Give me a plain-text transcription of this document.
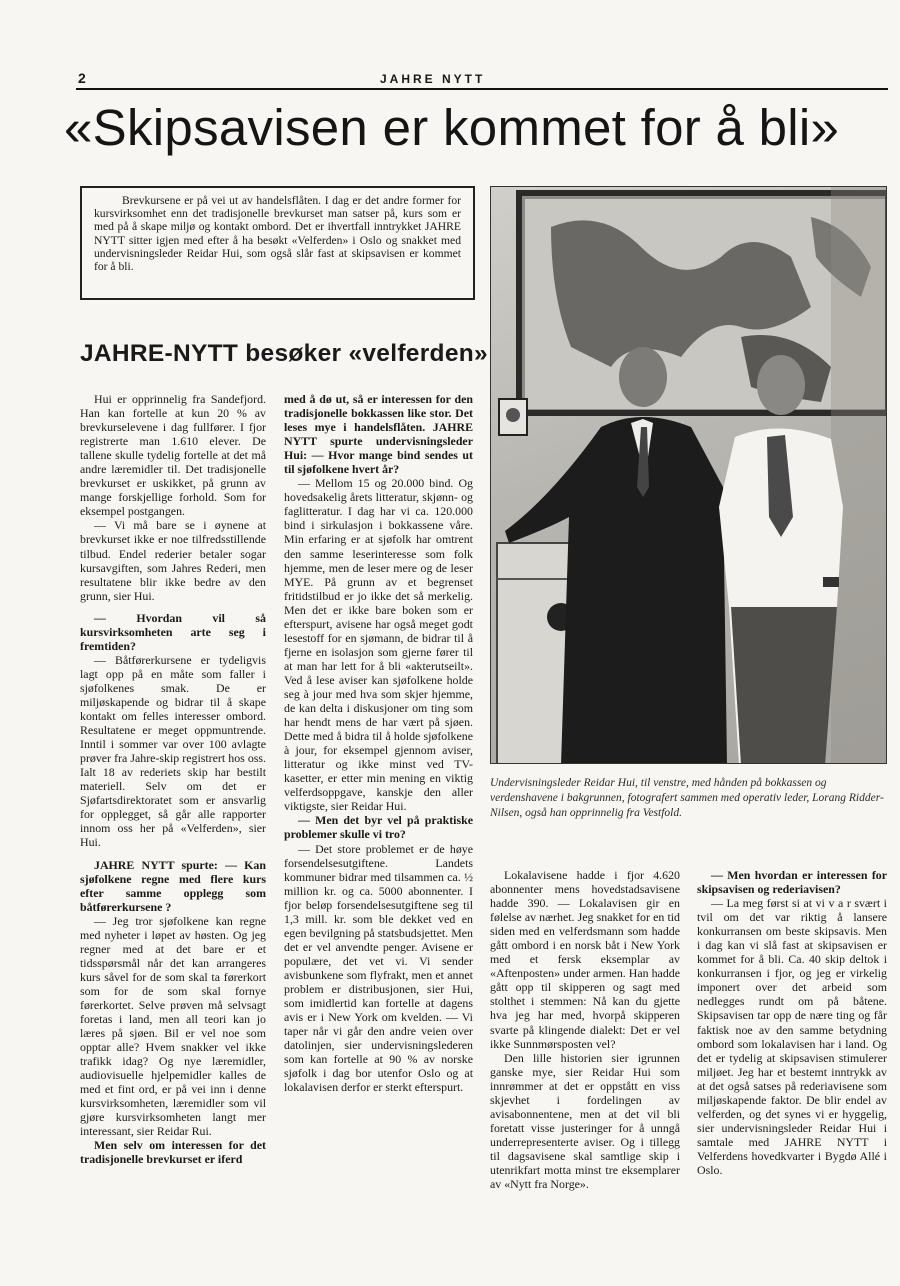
2	JAHRE NYTT
«Skipsavisen er kommet for å bli»
Brevkursene er på vei ut av handelsflåten. I dag er det andre former for kursvirksomhet enn det tradisjonelle brevkurset man satser på, kurs som er med på å skape miljø og kontakt ombord. Det er ihvertfall inntrykket JAHRE NYTT sitter igjen med efter å ha besøkt «Velferden» i Oslo og snakket med undervisningsleder Reidar Hui, som også slår fast at skipsavisen er kommet for å bli.
JAHRE-NYTT besøker «velferden»

Hui er opprinnelig fra Sandefjord. Han kan fortelle at kun 20 % av brevkurselevene i dag fullfører. I fjor registrerte man 1.610 elever. De tallene skulle tydelig fortelle at det må andre læremidler til. Det tradisjonelle brevkurset er uskikket, på grunn av mange forskjellige forhold. Som for eksempel postgangen.

— Vi må bare se i øynene at brevkurset ikke er noe tilfredsstillende tilbud. Endel rederier betaler sogar kursavgiften, som Jahres Rederi, men resultatene blir ikke bedre av den grunn, sier Hui.

— Hvordan vil så kursvirksomheten arte seg i fremtiden?

— Båtførerkursene er tydeligvis lagt opp på en måte som faller i sjøfolkenes smak. De er miljøskapende og bidrar til å skape kontakt om felles interesser ombord. Resultatene er meget oppmuntrende. Inntil i sommer var over 100 avlagte prøver fra Jahre-skip registrert hos oss. Ialt 18 av rederiets skip har bestilt materiell. Selv om det er Sjøfartsdirektoratet som er ansvarlig for opplegget, så går alle rapporter innom oss her på «Velferden», sier Hui.

JAHRE NYTT spurte: — Kan sjøfolkene regne med flere kurs efter samme opplegg som båtførerkursene ?

— Jeg tror sjøfolkene kan regne med nyheter i løpet av høsten. Og jeg regner med at det bare er et tidsspørsmål når det kan arrangeres kurs såvel for de som skal ta førerkort som for de som skal fornye førerkortet. Selve prøven må selvsagt foretas i land, men all teori kan jo læres på sjøen. Bil er vel noe som opptar alle? Hvem snakker vel ikke trafikk idag? Og nye læremidler, audiovisuelle hjelpemidler kalles de med et fint ord, er på vei inn i denne kursvirksomheten, læremidler som vil gjøre kursvirksomheten langt mer interessant, sier Reidar Rui.

Men selv om interessen for det tradisjonelle brevkurset er iferd

med å dø ut, så er interessen for den tradisjonelle bokkassen like stor. Det leses mye i handelsflåten. JAHRE NYTT spurte undervisningsleder Hui: — Hvor mange bind sendes ut til sjøfolkene hvert år?

— Mellom 15 og 20.000 bind. Og hovedsakelig årets litteratur, skjønn- og faglitteratur. I dag har vi ca. 120.000 bind i sirkulasjon i bokkassene våre. Min erfaring er at sjøfolk har omtrent den samme leserinteresse som folk hjemme, men de leser mere og de leser MYE. På grunn av et begrenset fritidstilbud er jo ikke det så merkelig. Men det er ikke bare boken som er efterspurt, avisene har også meget godt lesestoff for en sjømann, de bidrar til å fjerne en isolasjon som gjerne fører til at man har lett for å bli «akterutseilt». Ved å lese aviser kan sjøfolkene holde seg à jour med hva som skjer hjemme, de kan delta i diskusjoner om ting som har hendt mens de har vært på sjøen. Dette med å bidra til å holde sjøfolkene à jour, for eksempel gjennom aviser, litteratur og ikke minst ved TV-kasetter, er etter min mening en viktig velferdsoppgave, kanskje den aller viktigste, sier Reidar Hui.

— Men det byr vel på praktiske problemer skulle vi tro?

— Det store problemet er de høye forsendelsesutgiftene. Landets kommuner bidrar med tilsammen ca. ½ million kr. og ca. 5000 abonnenter. I fjor beløp forsendelsesutgiftene seg til 1,3 mill. kr. som ble dekket ved en egen bevilgning på statsbudsjettet. Men det er vel anvendte penger. Avisene er populære, det vet vi. Vi sender avisbunkene som flyfrakt, men et annet problem er distribusjonen, sier Hui, som imidlertid kan fortelle at dagens avis er i New York om kvelden. — Vi taper når vi går den andre veien over datolinjen, sier undervisningslederen som kan fortelle at 90 % av norske sjøfolk i dag bor utenfor Oslo og at lokalavisen derfor er sterkt efterspurt.

Undervisningsleder Reidar Hui, til venstre, med hånden på bokkassen og verdenshavene i bakgrunnen, fotografert sammen med operativ leder, Lorang Ridder-Nilsen, også han opprinnelig fra Vestfold.

Lokalavisene hadde i fjor 4.620 abonnenter mens hovedstadsavisene hadde 390. — Lokalavisen gir en følelse av nærhet. Jeg snakket for en tid siden med en velferdsmann som hadde gått ombord i en norsk båt i New York med et fersk eksemplar av «Aftenposten» under armen. Han hadde gått opp til skipperen og sagt med stolthet i stemmen: Nå kan du gjette hva jeg har med, hvorpå skipperen svarte på klingende dialekt: Det er vel ikke Sunnmørsposten vel?

Den lille historien sier igrunnen ganske mye, sier Reidar Hui som innrømmer at det er oppstått en viss skjevhet i fordelingen av avisabonnentene, men at det vil bli foretatt visse justeringer for å unngå underrepresenterte aviser. Og i tillegg til dagsavisene skal samtlige skip i utenrikfart motta minst tre eksemplarer av «Nytt fra Norge».

— Men hvordan er interessen for skipsavisen og rederiavisen?

— La meg først si at vi v a r svært i tvil om det var riktig å lansere konkurransen om beste skipsavis. Men i dag kan vi slå fast at skipsavisen er kommet for å bli. Ca. 40 skip deltok i konkurransen i fjor, og jeg er virkelig imponert over det arbeid som nedlegges rundt om på båtene. Skipsavisen tar opp de nære ting og får faktisk noe av den samme betydning ombord som lokalavisen har i land. Og det er tydelig at skipsavisen stimulerer miljøet. Jeg har et bestemt inntrykk av at det også satses på rederiavisene som miljøskapende faktor. De blir endel av velferden, og det synes vi er hyggelig, sier undervisningsleder Reidar Hui i samtale med JAHRE NYTT i Velferdens hovedkvarter i Bygdø Allé i Oslo.
